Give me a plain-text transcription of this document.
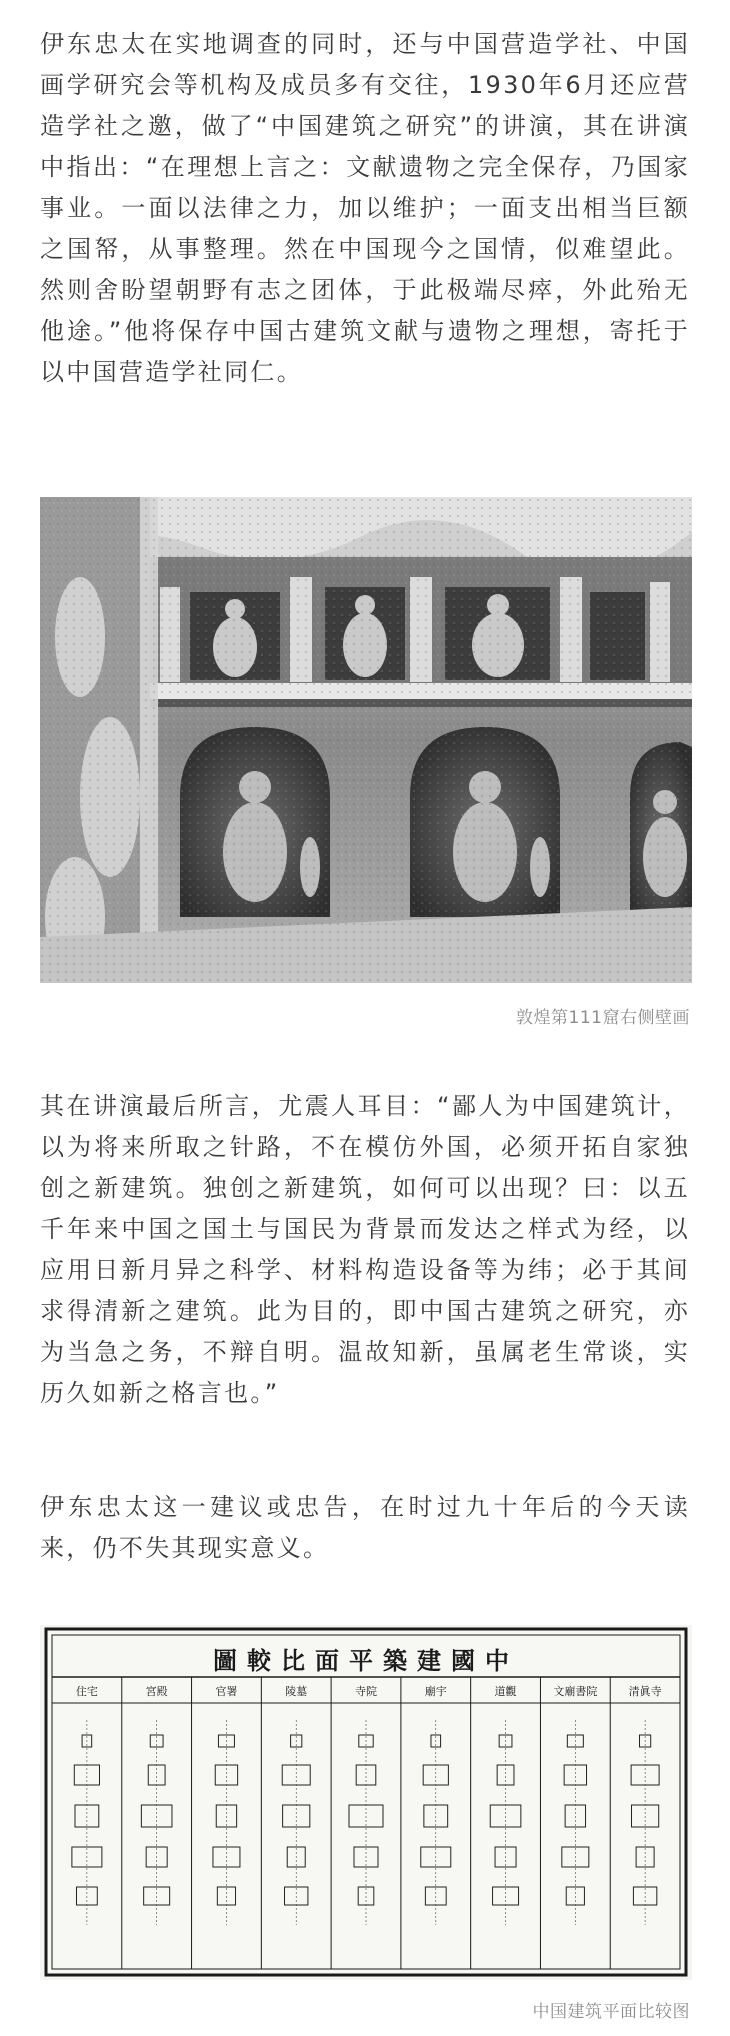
伊东忠太在实地调查的同时，还与中国营造学社、中国画学研究会等机构及成员多有交往，1930年6月还应营造学社之邀，做了“中国建筑之研究”的讲演，其在讲演中指出：“在理想上言之：文献遗物之完全保存，乃国家事业。一面以法律之力，加以维护；一面支出相当巨额之国帑，从事整理。然在中国现今之国情，似难望此。然则舍盼望朝野有志之团体，于此极端尽瘁，外此殆无他途。”他将保存中国古建筑文献与遗物之理想，寄托于以中国营造学社同仁。
敦煌第111窟右侧壁画
其在讲演最后所言，尤震人耳目：“鄙人为中国建筑计，以为将来所取之针路，不在模仿外国，必须开拓自家独创之新建筑。独创之新建筑，如何可以出现？曰：以五千年来中国之国土与国民为背景而发达之样式为经，以应用日新月异之科学、材料构造设备等为纬；必于其间求得清新之建筑。此为目的，即中国古建筑之研究，亦为当急之务，不辩自明。温故知新，虽属老生常谈，实历久如新之格言也。”
伊东忠太这一建议或忠告，在时过九十年后的今天读来，仍不失其现实意义。
住宅	宮殿	官署	陵墓	寺院	廟宇	道觀	文廟書院	清眞寺
圖較比面平築建國中
中国建筑平面比较图
